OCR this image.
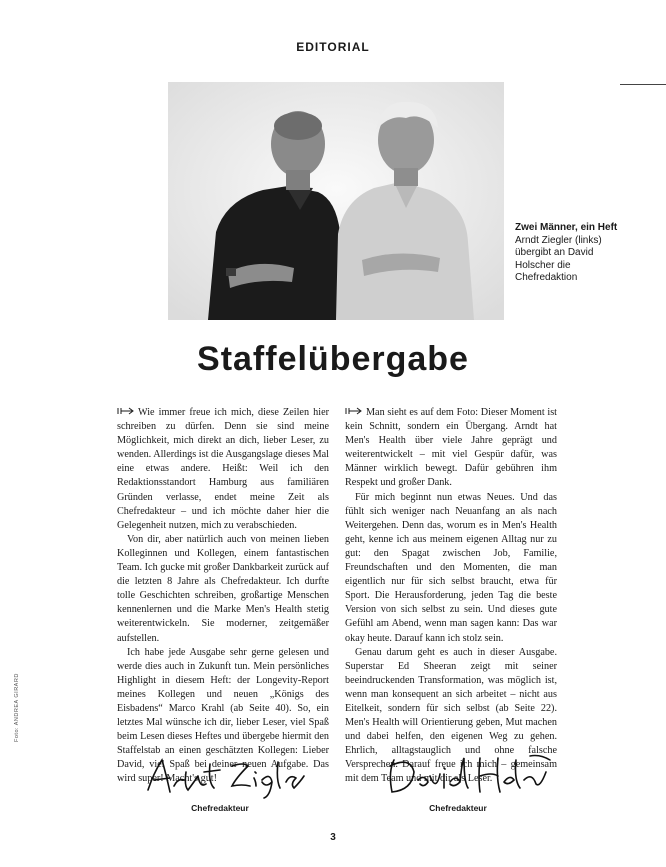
EDITORIAL
Zwei Männer, ein Heft
Arndt Ziegler (links) übergibt an David Holscher die Chefredaktion
Staffelübergabe

Wie immer freue ich mich, diese Zeilen hier schreiben zu dürfen. Denn sie sind meine Möglichkeit, mich direkt an dich, lieber Leser, zu wenden. Allerdings ist die Ausgangslage dieses Mal eine etwas andere. Heißt: Weil ich den Redaktionsstandort Hamburg aus familiären Gründen verlasse, endet meine Zeit als Chefredakteur – und ich möchte daher hier die Gelegenheit nutzen, mich zu verabschieden.

Von dir, aber natürlich auch von meinen lieben Kolleginnen und Kollegen, einem fantastischen Team. Ich gucke mit großer Dankbarkeit zurück auf die letzten 8 Jahre als Chefredakteur. Ich durfte tolle Geschichten schreiben, großartige Menschen kennenlernen und die Marke Men's Health stetig weiterentwickeln. Sie moderner, zeitgemäßer aufstellen.

Ich habe jede Ausgabe sehr gerne gelesen und werde dies auch in Zukunft tun. Mein persönliches Highlight in diesem Heft: der Longevity-Report meines Kollegen und neuen „Königs des Eisbadens“ Marco Krahl (ab Seite 40). So, ein letztes Mal wünsche ich dir, lieber Leser, viel Spaß beim Lesen dieses Heftes und übergebe hiermit den Staffelstab an einen geschätzten Kollegen: Lieber David, viel Spaß bei deiner neuen Aufgabe. Das wird super! Macht's gut!

Man sieht es auf dem Foto: Dieser Moment ist kein Schnitt, sondern ein Übergang. Arndt hat Men's Health über viele Jahre geprägt und weiterentwickelt – mit viel Gespür dafür, was Männer wirklich bewegt. Dafür gebühren ihm Respekt und großer Dank.

Für mich beginnt nun etwas Neues. Und das fühlt sich weniger nach Neuanfang an als nach Weitergehen. Denn das, worum es in Men's Health geht, kenne ich aus meinem eigenen Alltag nur zu gut: den Spagat zwischen Job, Familie, Freundschaften und den Momenten, die man eigentlich nur für sich selbst braucht, etwa für Sport. Die Herausforderung, jeden Tag die beste Version von sich selbst zu sein. Und dieses gute Gefühl am Abend, wenn man sagen kann: Das war okay heute. Darauf kann ich stolz sein.

Genau darum geht es auch in dieser Ausgabe. Superstar Ed Sheeran zeigt mit seiner beeindruckenden Transformation, was möglich ist, wenn man konsequent an sich arbeitet – nicht aus Eitelkeit, sondern für sich selbst (ab Seite 22). Men's Health will Orientierung geben, Mut machen und dabei helfen, den eigenen Weg zu gehen. Ehrlich, alltagstauglich und ohne falsche Versprechen. Darauf freue ich mich – gemeinsam mit dem Team und mit dir als Leser.

Foto: ANDREA GIRARD
Chefredakteur	Chefredakteur
3
